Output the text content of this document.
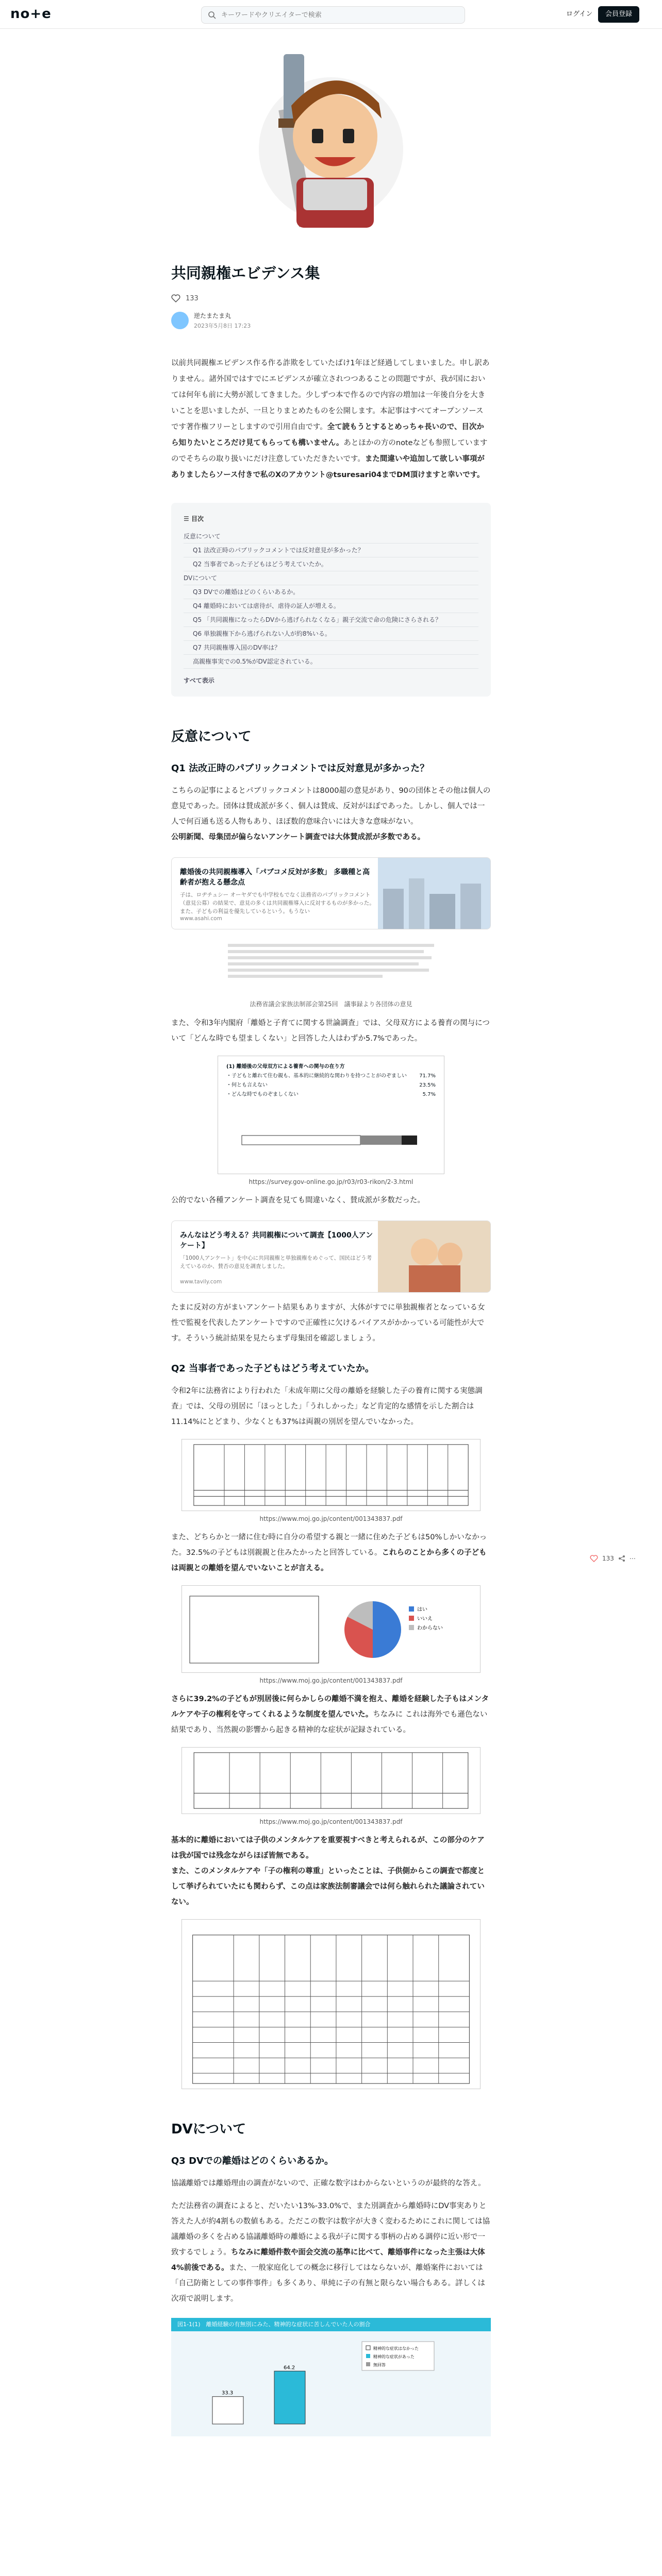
no+e
キーワードやクリエイターで検索	ログイン	会員登録
共同親権エビデンス集
133
逆たまたま丸
2023年5月8日 17:23
以前共同親権エビデンス作る作る詐欺をしていたばけ1年ほど経過してしまいました。申し訳ありません。諸外国ではすでにエビデンスが確立されつつあることの問題ですが、我が国においては何年も前に大勢が派してきました。少しずつ本で作るので内容の増加は一年後自分を大きいことを思いましたが、一旦とりまとめたものを公開します。本記事はすべてオープンソースです著作権フリーとしますので引用自由です。全て読もうとするとめっちゃ長いので、目次から知りたいところだけ見てもらっても構いません。あとほかの方のnoteなども参照していますのでそちらの取り扱いにだけ注意していただきたいです。また間違いや追加して欲しい事項がありましたらソース付きで私のXのアカウント@tsuresari04までDM頂けますと幸いです。
☰ 目次
反意について
Q1 法改正時のパブリックコメントでは反対意見が多かった？
Q2 当事者であった子どもはどう考えていたか。
DVについて
Q3 DVでの離婚はどのくらいあるか。
Q4 離婚時においては虐待が、虐待の証人が増える。
Q5 「共同親権になったらDVから逃げられなくなる」親子交流で命の危険にさらされる？
Q6 単独親権下から逃げられない人が約8%いる。
Q7 共同親権導入国のDV率は？
高親権事実での0.5%がDV認定されている。
すべて表示
反意について
Q1 法改正時のパブリックコメントでは反対意見が多かった？
こちらの記事によるとパブリックコメントは8000超の意見があり、90の団体とその他は個人の意見であった。団体は賛成派が多く、個人は賛成、反対がほぼであった。しかし、個人では一人で何百通も送る人物もあり、ほぼ数的意味合いには大きな意味がない。
公明新聞、母集団が偏らないアンケート調査では大体賛成派が多数である。
離婚後の共同親権導入「パブコメ反対が多数」 多職種と高齢者が抱える懸念点
子は、ロヂチュシー オーヤダでも中学校もでなく法務省のパブリックコメント（意見公募）の結果で、意見の多くは共同親権導入に反対するものが多かった。また、子どもの利益を優先しているという。もうない
www.asahi.com
法務省議会家族法制部会第25回　議事録より各団体の意見
また、令和3年内閣府「離婚と子育てに関する世論調査」では、父母双方による養育の関与について「どんな時でも望ましくない」と回答した人はわずか5.7%であった。
(1) 離婚後の父母双方による養育への関与の在り方
・子どもと離れて住む親も、基本的に継続的な関わりを持つことがのぞましい 71.7%
・何とも言えない	23.5%
・どんな時でものぞましくない	5.7%
https://survey.gov-online.go.jp/r03/r03-rikon/2-3.html
公的でない各種アンケート調査を見ても間違いなく、賛成派が多数だった。
みんなはどう考える？共同親権について調査【1000人アンケート】
「1000人アンケート」を中心に共同親権と単独親権をめぐって、国民はどう考えているのか、賛否の意見を調査しました。
www.tavily.com
たまに反対の方がまいアンケート結果もありますが、大体がすでに単独親権者となっている女性で監視を代表したアンケートですので正確性に欠けるバイアスがかかっている可能性が大です。そういう統計結果を見たらまず母集団を確認しましょう。
Q2 当事者であった子どもはどう考えていたか。
令和2年に法務省により行われた「未成年期に父母の離婚を経験した子の養育に関する実態調査」では、父母の別居に「ほっとした」「うれしかった」など肯定的な感情を示した割合は11.14%にとどまり、少なくとも37%は両親の別居を望んでいなかった。
https://www.moj.go.jp/content/001343837.pdf
また、どちらかと一緒に住む時に自分の希望する親と一緒に住めた子どもは50%しかいなかった。32.5%の子どもは別親親と住みたかったと回答している。これらのことから多くの子どもは両親との離婚を望んでいないことが言える。
はい
いいえ
わからない
https://www.moj.go.jp/content/001343837.pdf
さらに39.2%の子どもが別居後に何らかしらの離婚不満を抱え、離婚を経験した子もはメンタルケアや子の権利を守ってくれるような制度を望んでいた。ちなみに これは海外でも遜色ない結果であり、当然親の影響から起きる精神的な症状が記録されている。
https://www.moj.go.jp/content/001343837.pdf
基本的に離婚においては子供のメンタルケアを重要視すべきと考えられるが、この部分のケアは我が国では残念ながらほぼ皆無である。
また、このメンタルケアや「子の権利の尊重」といったことは、子供側からこの調査で都度として挙げられていたにも関わらず、この点は家族法制審議会では何ら触れられた議論されていない。
DVについて
Q3 DVでの離婚はどのくらいあるか。
協議離婚では離婚理由の調査がないので、正確な数字はわからないというのが最終的な答え。
ただ法務省の調査によると、だいたい13%-33.0%で、また別調査から離婚時にDV事実ありと答えた人が約4割もの数値もある。ただこの数字は数字が大きく変わるためにこれに関しては協議離婚の多くを占める協議離婚時の離婚による我が子に関する事柄の占める調停に近い形で一致するでしょう。ちなみに離婚件数や面会交流の基準に比べて、離婚事件になった主張は大体4%前後である。また、一般家庭化しての概念に移行してはならないが、離婚案件においては「自己防衛としての事件事件」も多くあり、単純に子の有無と限らない場合もある。詳しくは次項で説明します。
図1-1(1)　離婚経験の有無別にみた、精神的な症状に苦しんでいた人の割合
33.3
64.2
精神的な症状はなかった
精神的な症状があった
無回答
133	⋯
